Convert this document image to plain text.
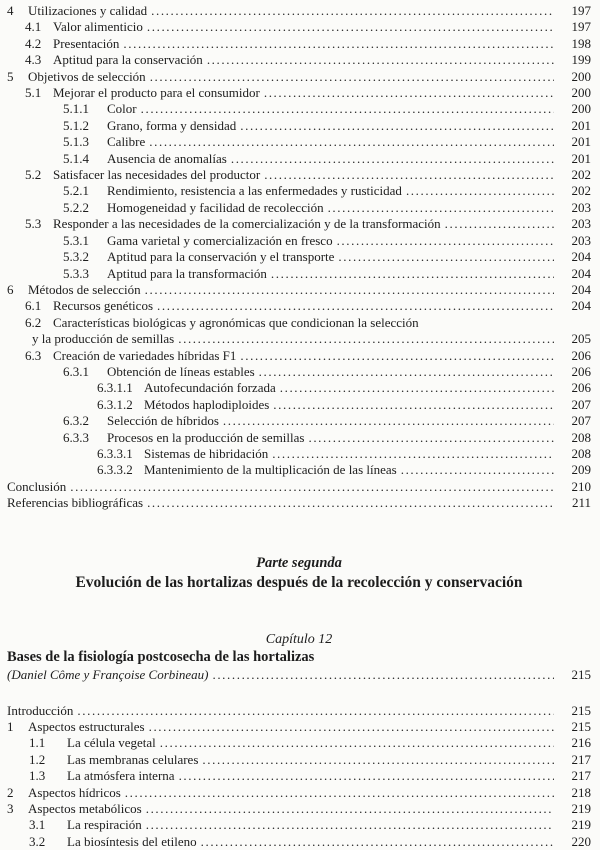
4	Utilizaciones y calidad .....	197
4.1 Valor alimenticio .....	197
4.2 Presentación .....	198
4.3 Aptitud para la conservación .....	199
5	Objetivos de selección .....	200
5.1 Mejorar el producto para el consumidor .....	200
5.1.1	Color .....	200
5.1.2	Grano, forma y densidad .....	201
5.1.3	Calibre .....	201
5.1.4	Ausencia de anomalías .....	201
5.2 Satisfacer las necesidades del productor .....	202
5.2.1	Rendimiento, resistencia a las enfermedades y rusticidad .....	202
5.2.2	Homogeneidad y facilidad de recolección .....	203
5.3 Responder a las necesidades de la comercialización y de la transformación .....	203
5.3.1	Gama varietal y comercialización en fresco .....	203
5.3.2	Aptitud para la conservación y el transporte .....	204
5.3.3	Aptitud para la transformación .....	204
6	Métodos de selección .....	204
6.1 Recursos genéticos .....	204
6.2 Características biológicas y agronómicas que condicionan la selección
y la producción de semillas .....	205
6.3 Creación de variedades híbridas F1 .....	206
6.3.1	Obtención de líneas estables .....	206
6.3.1.1 Autofecundación forzada .....	206
6.3.1.2 Métodos haplodiploides .....	207
6.3.2	Selección de híbridos .....	207
6.3.3	Procesos en la producción de semillas .....	208
6.3.3.1 Sistemas de hibridación .....	208
6.3.3.2 Mantenimiento de la multiplicación de las líneas .....	209
Conclusión .....	210
Referencias bibliográficas .....	211
Parte segunda
Evolución de las hortalizas después de la recolección y conservación
Capítulo 12
Bases de la fisiología postcosecha de las hortalizas
(Daniel Côme y Françoise Corbineau) .....	215
Introducción .....	215
1	Aspectos estructurales .....	215
1.1	La célula vegetal .....	216
1.2	Las membranas celulares .....	217
1.3	La atmósfera interna .....	217
2	Aspectos hídricos .....	218
3	Aspectos metabólicos .....	219
3.1	La respiración .....	219
3.2	La biosíntesis del etileno .....	220
